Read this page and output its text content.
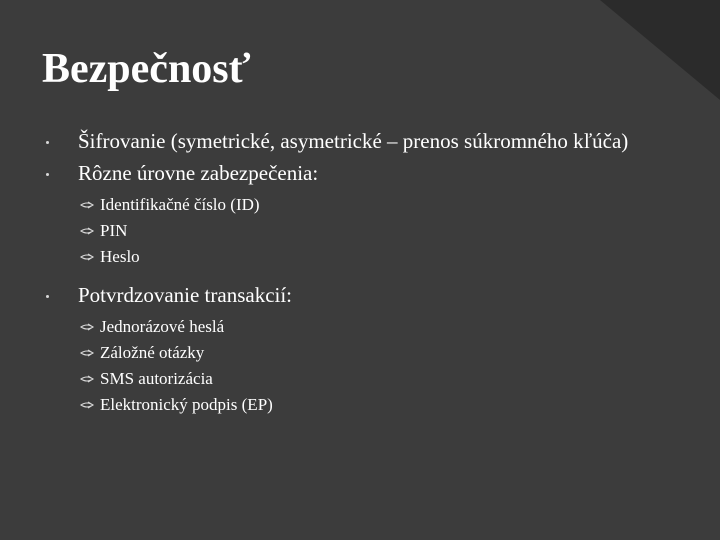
Bezpečnosť
Šifrovanie (symetrické, asymetrické – prenos súkromného kľúča)
Rôzne úrovne zabezpečenia:
Identifikačné číslo (ID)
PIN
Heslo
Potvrdzovanie transakcií:
Jednorázové heslá
Záložné otázky
SMS autorizácia
Elektronický podpis (EP)
